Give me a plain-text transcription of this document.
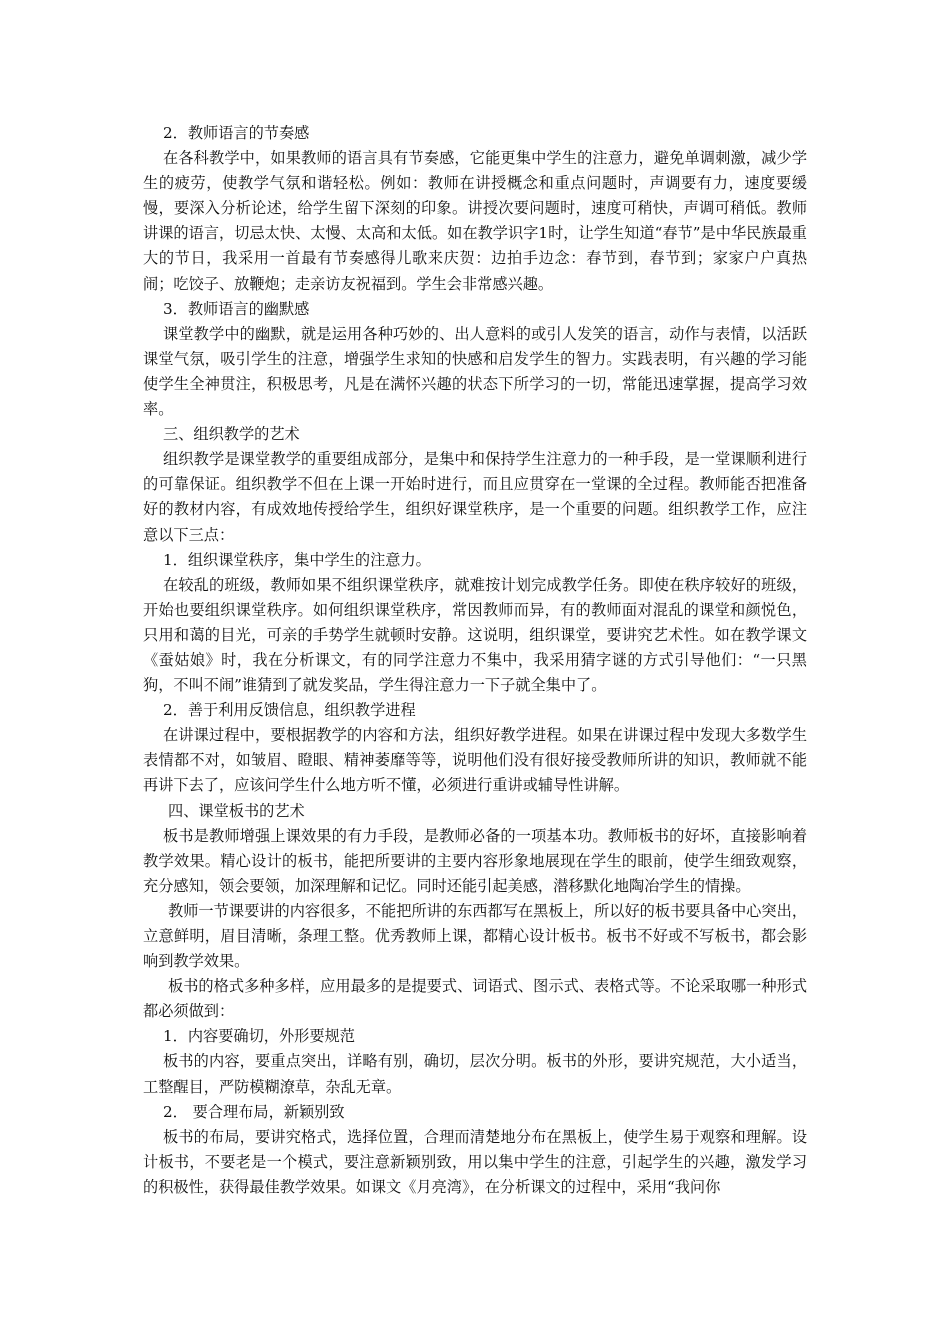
2．教师语言的节奏感

在各科教学中，如果教师的语言具有节奏感，它能更集中学生的注意力，避免单调刺激，减少学生的疲劳，使教学气氛和谐轻松。例如：教师在讲授概念和重点问题时，声调要有力，速度要缓慢，要深入分析论述，给学生留下深刻的印象。讲授次要问题时，速度可稍快，声调可稍低。教师讲课的语言，切忌太快、太慢、太高和太低。如在教学识字1时，让学生知道“春节”是中华民族最重大的节日，我采用一首最有节奏感得儿歌来庆贺：边拍手边念：春节到，春节到；家家户户真热闹；吃饺子、放鞭炮；走亲访友祝福到。学生会非常感兴趣。

3．教师语言的幽默感

课堂教学中的幽默，就是运用各种巧妙的、出人意料的或引人发笑的语言，动作与表情，以活跃课堂气氛，吸引学生的注意，增强学生求知的快感和启发学生的智力。实践表明，有兴趣的学习能使学生全神贯注，积极思考，凡是在满怀兴趣的状态下所学习的一切，常能迅速掌握，提高学习效率。

三、组织教学的艺术

组织教学是课堂教学的重要组成部分，是集中和保持学生注意力的一种手段，是一堂课顺利进行的可靠保证。组织教学不但在上课一开始时进行，而且应贯穿在一堂课的全过程。教师能否把准备好的教材内容，有成效地传授给学生，组织好课堂秩序，是一个重要的问题。组织教学工作，应注意以下三点：

1．组织课堂秩序，集中学生的注意力。

在较乱的班级，教师如果不组织课堂秩序，就难按计划完成教学任务。即使在秩序较好的班级，开始也要组织课堂秩序。如何组织课堂秩序，常因教师而异，有的教师面对混乱的课堂和颜悦色，只用和蔼的目光，可亲的手势学生就顿时安静。这说明，组织课堂，要讲究艺术性。如在教学课文《蚕姑娘》时，我在分析课文，有的同学注意力不集中，我采用猜字谜的方式引导他们：“一只黑狗，不叫不闹”谁猜到了就发奖品，学生得注意力一下子就全集中了。

2．善于利用反馈信息，组织教学进程

在讲课过程中，要根据教学的内容和方法，组织好教学进程。如果在讲课过程中发现大多数学生表情都不对，如皱眉、瞪眼、精神萎靡等等，说明他们没有很好接受教师所讲的知识，教师就不能再讲下去了，应该问学生什么地方听不懂，必须进行重讲或辅导性讲解。

四、课堂板书的艺术

板书是教师增强上课效果的有力手段，是教师必备的一项基本功。教师板书的好坏，直接影响着教学效果。精心设计的板书，能把所要讲的主要内容形象地展现在学生的眼前，使学生细致观察，充分感知，领会要领，加深理解和记忆。同时还能引起美感，潜移默化地陶冶学生的情操。

教师一节课要讲的内容很多，不能把所讲的东西都写在黑板上，所以好的板书要具备中心突出，立意鲜明，眉目清晰，条理工整。优秀教师上课，都精心设计板书。板书不好或不写板书，都会影响到教学效果。

板书的格式多种多样，应用最多的是提要式、词语式、图示式、表格式等。不论采取哪一种形式都必须做到：

1．内容要确切，外形要规范

板书的内容，要重点突出，详略有别，确切，层次分明。板书的外形，要讲究规范，大小适当，工整醒目，严防模糊潦草，杂乱无章。

2． 要合理布局，新颖别致

板书的布局，要讲究格式，选择位置，合理而清楚地分布在黑板上，使学生易于观察和理解。设计板书，不要老是一个模式，要注意新颖别致，用以集中学生的注意，引起学生的兴趣，激发学习的积极性，获得最佳教学效果。如课文《月亮湾》，在分析课文的过程中，采用“我问你
